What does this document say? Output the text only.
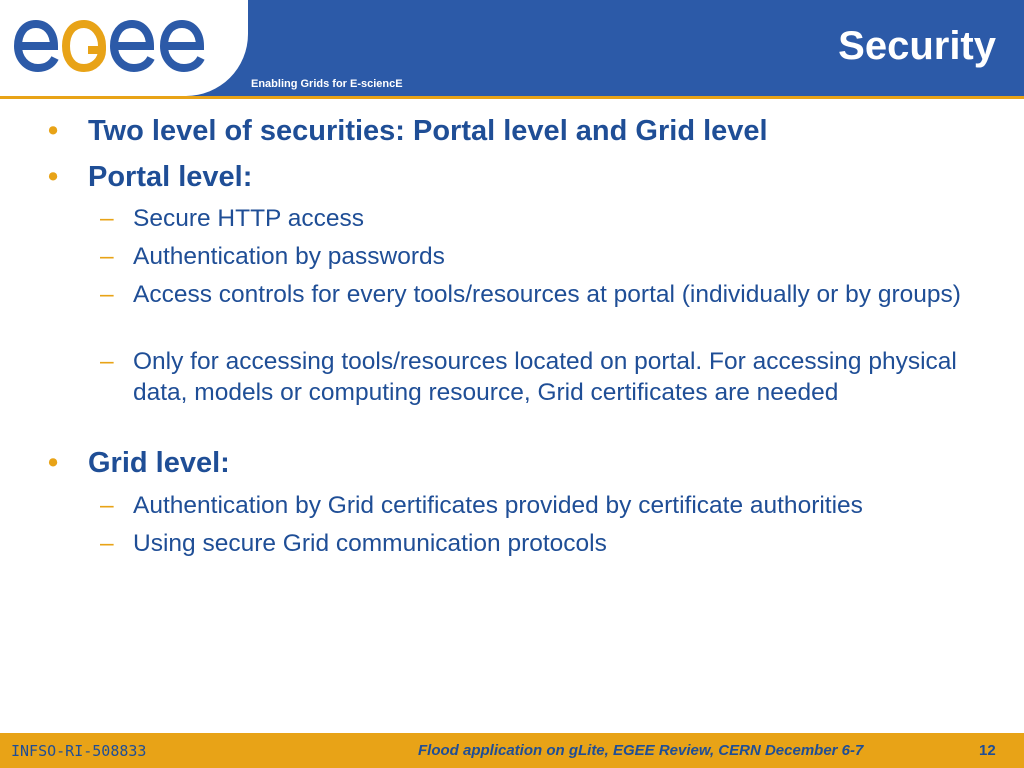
Enabling Grids for E-sciencE
Security
• Two level of securities: Portal level and Grid level
• Portal level:
– Secure HTTP access
– Authentication by passwords
– Access controls for every tools/resources at portal (individually or by groups)
– Only for accessing tools/resources located on portal. For accessing physical data, models or computing resource, Grid certificates are needed
• Grid level:
– Authentication by Grid certificates provided by certificate authorities
– Using secure Grid communication protocols
INFSO-RI-508833	Flood application on gLite, EGEE Review, CERN December 6-7	12
